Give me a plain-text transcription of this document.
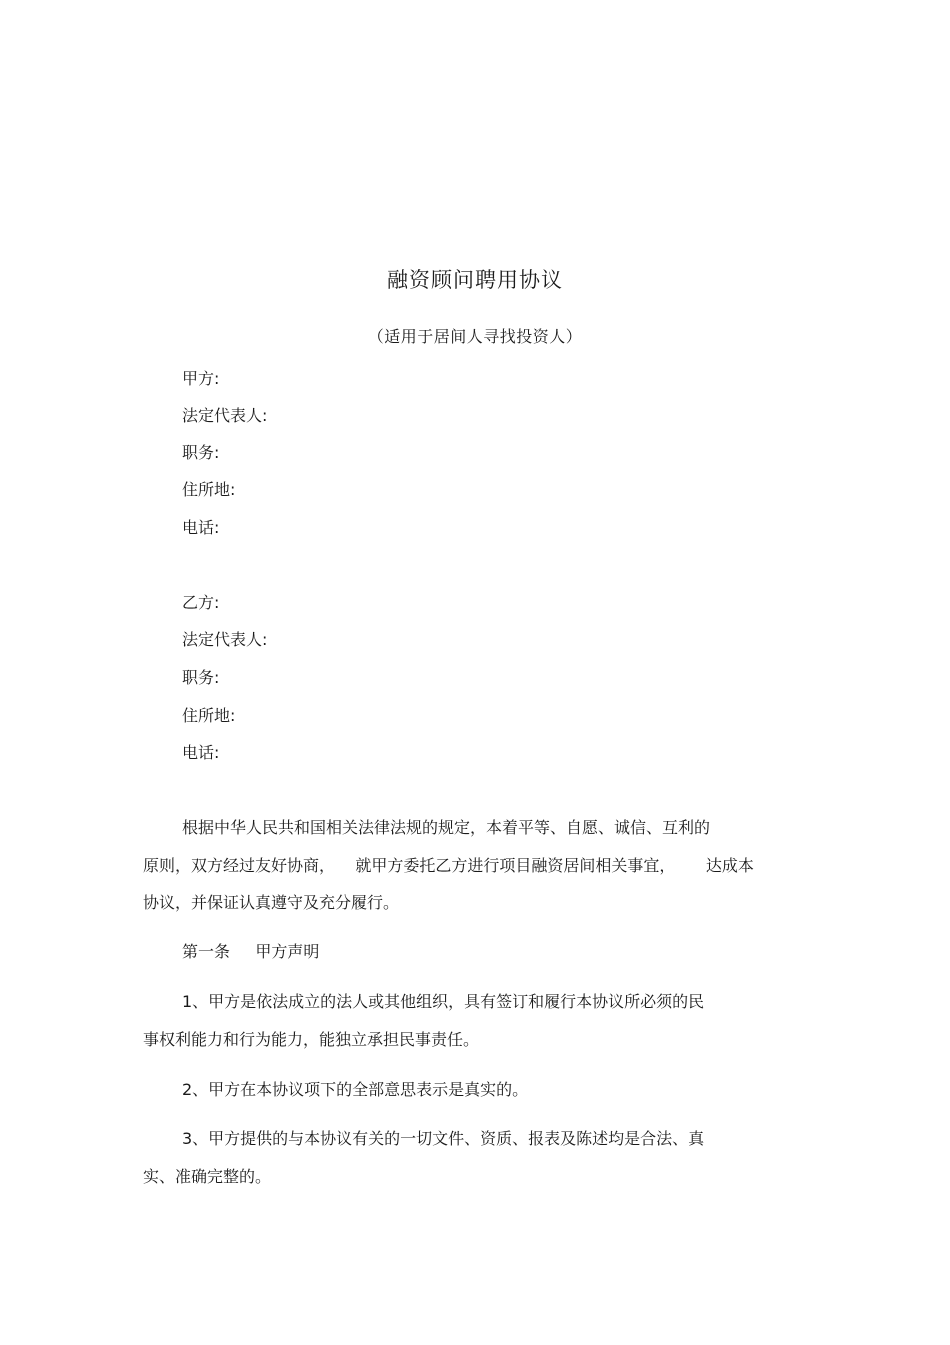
融资顾问聘用协议
（适用于居间人寻找投资人）
甲方:
法定代表人:
职务:
住所地:
电话:
乙方:
法定代表人:
职务:
住所地:
电话:
根据中华人民共和国相关法律法规的规定，本着平等、自愿、诚信、互利的
原则，双方经过友好协商，    就甲方委托乙方进行项目融资居间相关事宜，      达成本
协议，并保证认真遵守及充分履行。
第一条     甲方声明
1、甲方是依法成立的法人或其他组织，具有签订和履行本协议所必须的民
事权利能力和行为能力，能独立承担民事责任。
2、甲方在本协议项下的全部意思表示是真实的。
3、甲方提供的与本协议有关的一切文件、资质、报表及陈述均是合法、真
实、准确完整的。
